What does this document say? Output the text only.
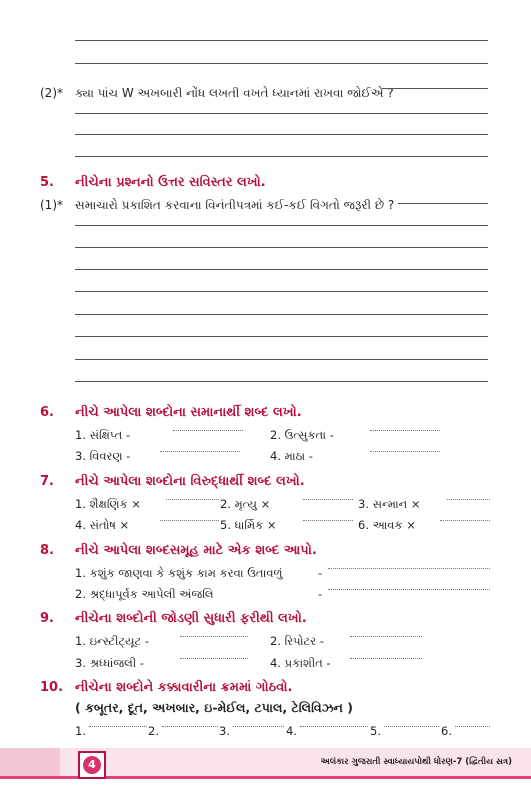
(2)* ક્યા પાંચ W અખબારી નોંધ લખતી વખતે ધ્યાનમાં રાખવા જોઈએ ?
5. નીચેના પ્રશ્નનો ઉત્તર સવિસ્તર લખો.
(1)* સમાચારો પ્રકાશિત કરવાના વિનંતીપત્રમાં કઈ-કઈ વિગતો જરૂરી છે ?
6. નીચે આપેલા શબ્દોના સમાનાર્થી શબ્દ લખો.
1. સંક્ષિપ્ત -	2. ઉત્સુકતા -
3. વિવરણ -	4. માઠા -
7. નીચે આપેલા શબ્દોના વિરુદ્ધાર્થી શબ્દ લખો.
1. શૈક્ષણિક ×	2. મૃત્યુ ×	3. સન્માન ×
4. સંતોષ ×	5. ધાર્મિક ×	6. આવક ×
8. નીચે આપેલા શબ્દસમૂહ માટે એક શબ્દ આપો.
1. કશુંક જાણવા કે કશુંક કામ કરવા ઉતાવળું	-
2. શ્રદ્ધાપૂર્વક આપેલી અંજલિ	-
9. નીચેના શબ્દોની જોડણી સુધારી ફરીથી લખો.
1. ઇન્સ્ટીટ્યૂટ -	2. રિપોટર -
3. શ્રધ્ધાંજલી -	4. પ્રકાશીત -
10. નીચેના શબ્દોને કક્કાવારીના ક્રમમાં ગોઠવો.
( કબૂતર, દૂત, અખબાર, ઇ-મેઈલ, ટપાલ, ટેલિવિઝન )
1.	2.	3.	4.	5.	6.
4	અલંકાર ગુજરાતી સ્વાધ્યાયપોથી ધોરણ-7 (દ્વિતીય સત્ર)
